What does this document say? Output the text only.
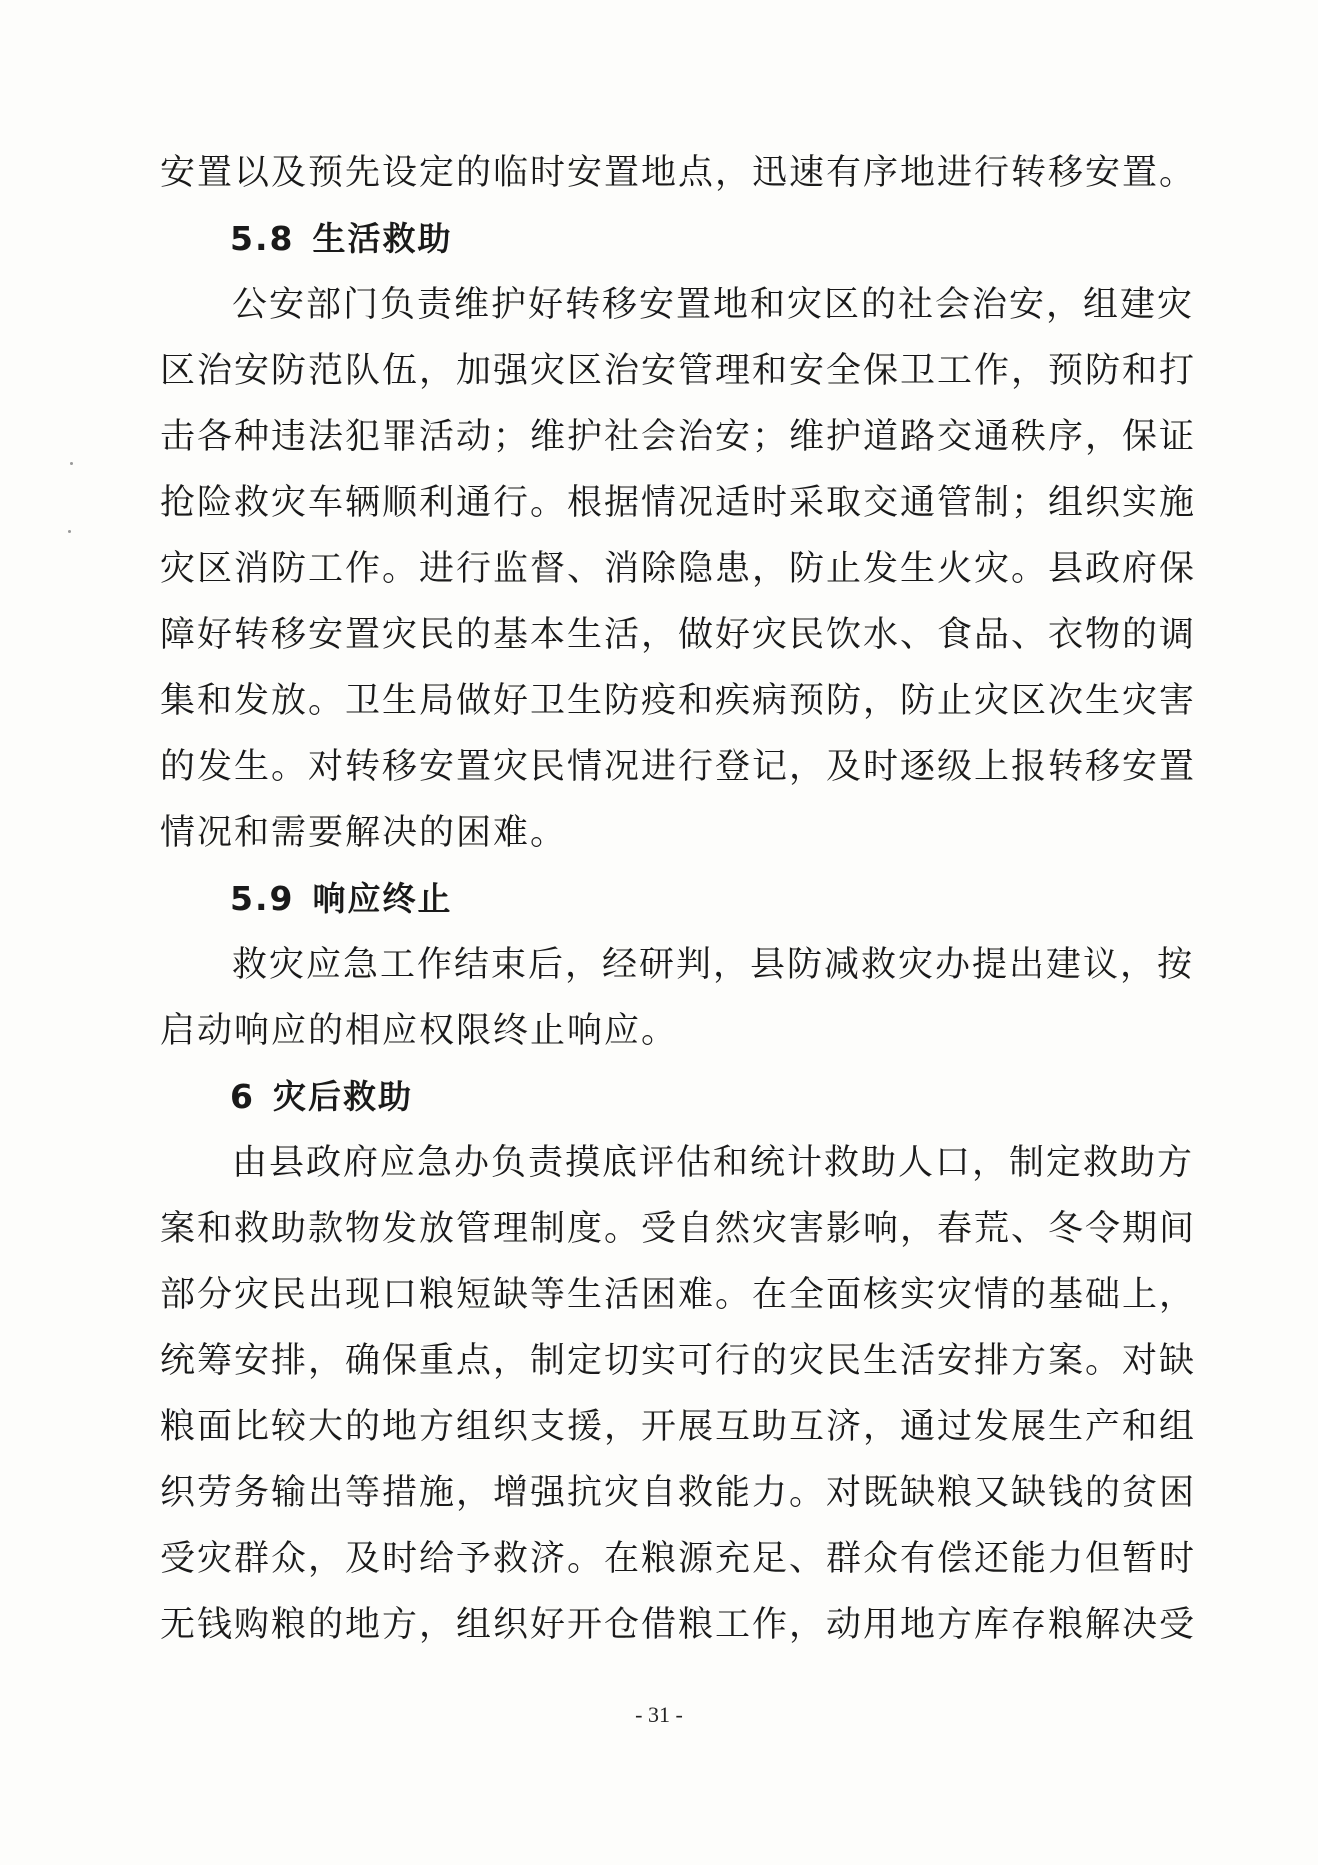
安置以及预先设定的临时安置地点，迅速有序地进行转移安置。
5.8 生活救助
公安部门负责维护好转移安置地和灾区的社会治安，组建灾
区治安防范队伍，加强灾区治安管理和安全保卫工作，预防和打
击各种违法犯罪活动；维护社会治安；维护道路交通秩序，保证
抢险救灾车辆顺利通行。根据情况适时采取交通管制；组织实施
灾区消防工作。进行监督、消除隐患，防止发生火灾。县政府保
障好转移安置灾民的基本生活，做好灾民饮水、食品、衣物的调
集和发放。卫生局做好卫生防疫和疾病预防，防止灾区次生灾害
的发生。对转移安置灾民情况进行登记，及时逐级上报转移安置
情况和需要解决的困难。
5.9 响应终止
救灾应急工作结束后，经研判，县防减救灾办提出建议，按
启动响应的相应权限终止响应。
6 灾后救助
由县政府应急办负责摸底评估和统计救助人口，制定救助方
案和救助款物发放管理制度。受自然灾害影响，春荒、冬令期间
部分灾民出现口粮短缺等生活困难。在全面核实灾情的基础上，
统筹安排，确保重点，制定切实可行的灾民生活安排方案。对缺
粮面比较大的地方组织支援，开展互助互济，通过发展生产和组
织劳务输出等措施，增强抗灾自救能力。对既缺粮又缺钱的贫困
受灾群众，及时给予救济。在粮源充足、群众有偿还能力但暂时
无钱购粮的地方，组织好开仓借粮工作，动用地方库存粮解决受
- 31 -
